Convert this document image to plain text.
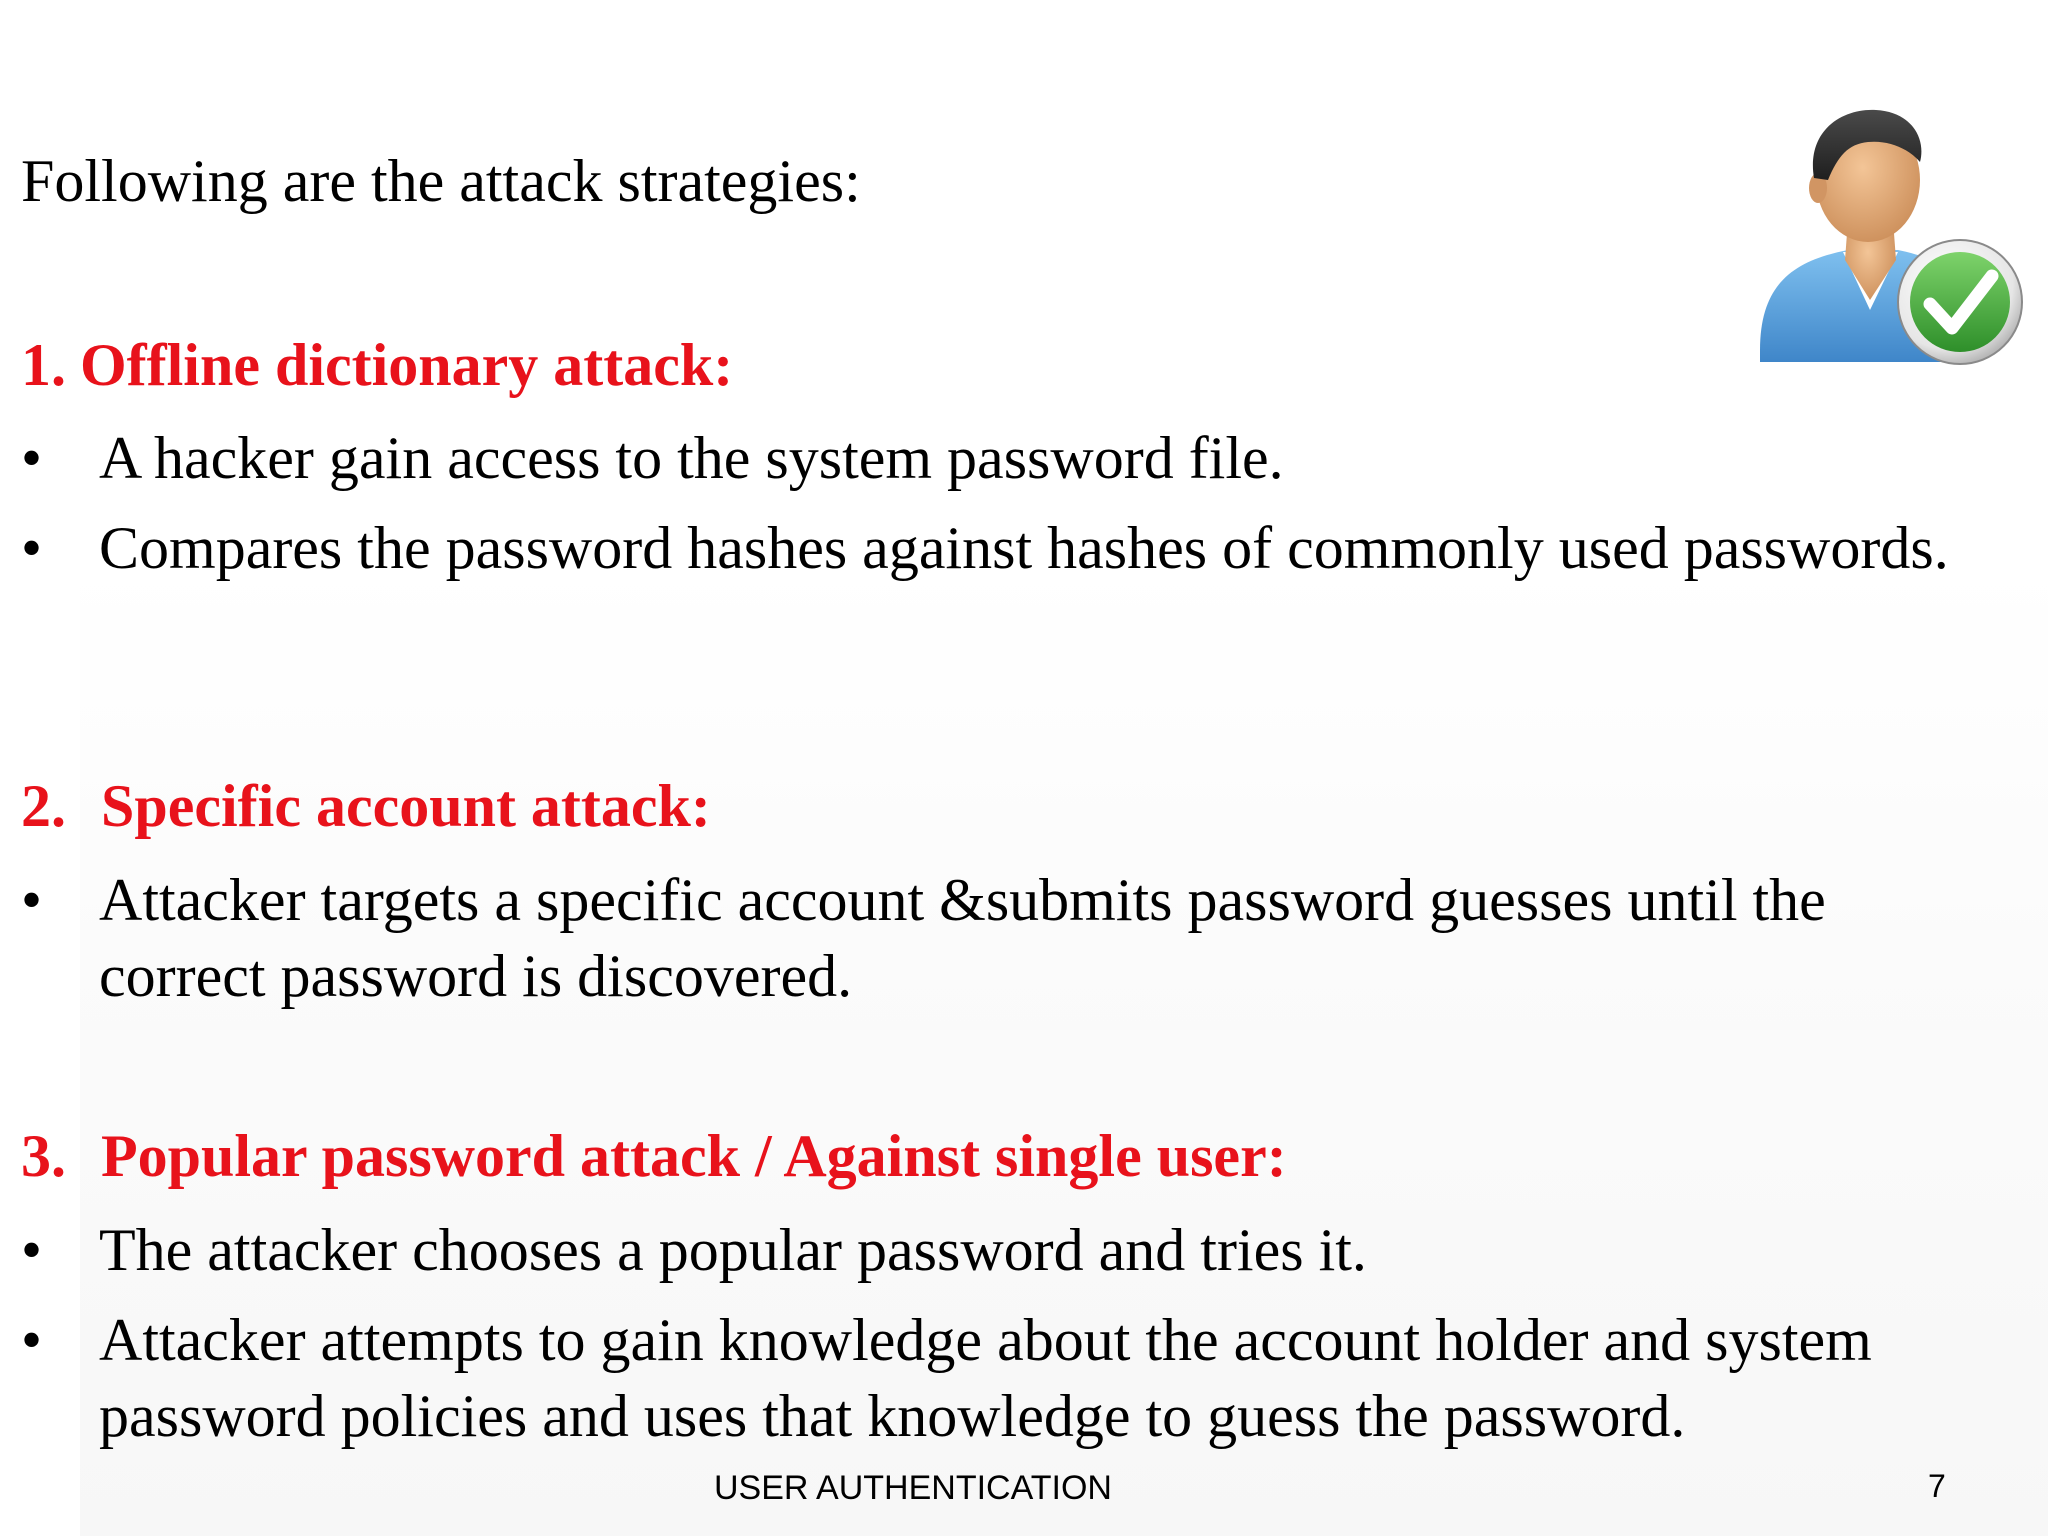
Following are the attack strategies:
1. Offline dictionary attack:
• A hacker gain access to the system password file.
• Compares the password hashes against hashes of commonly used passwords.
2. Specific account attack:
• Attacker targets a specific account &submits password guesses until the correct password is discovered.
3. Popular password attack / Against single user:
• The attacker chooses a popular password and tries it.
• Attacker attempts to gain knowledge about the account holder and system password policies and uses that knowledge to guess the password.
USER AUTHENTICATION	7
